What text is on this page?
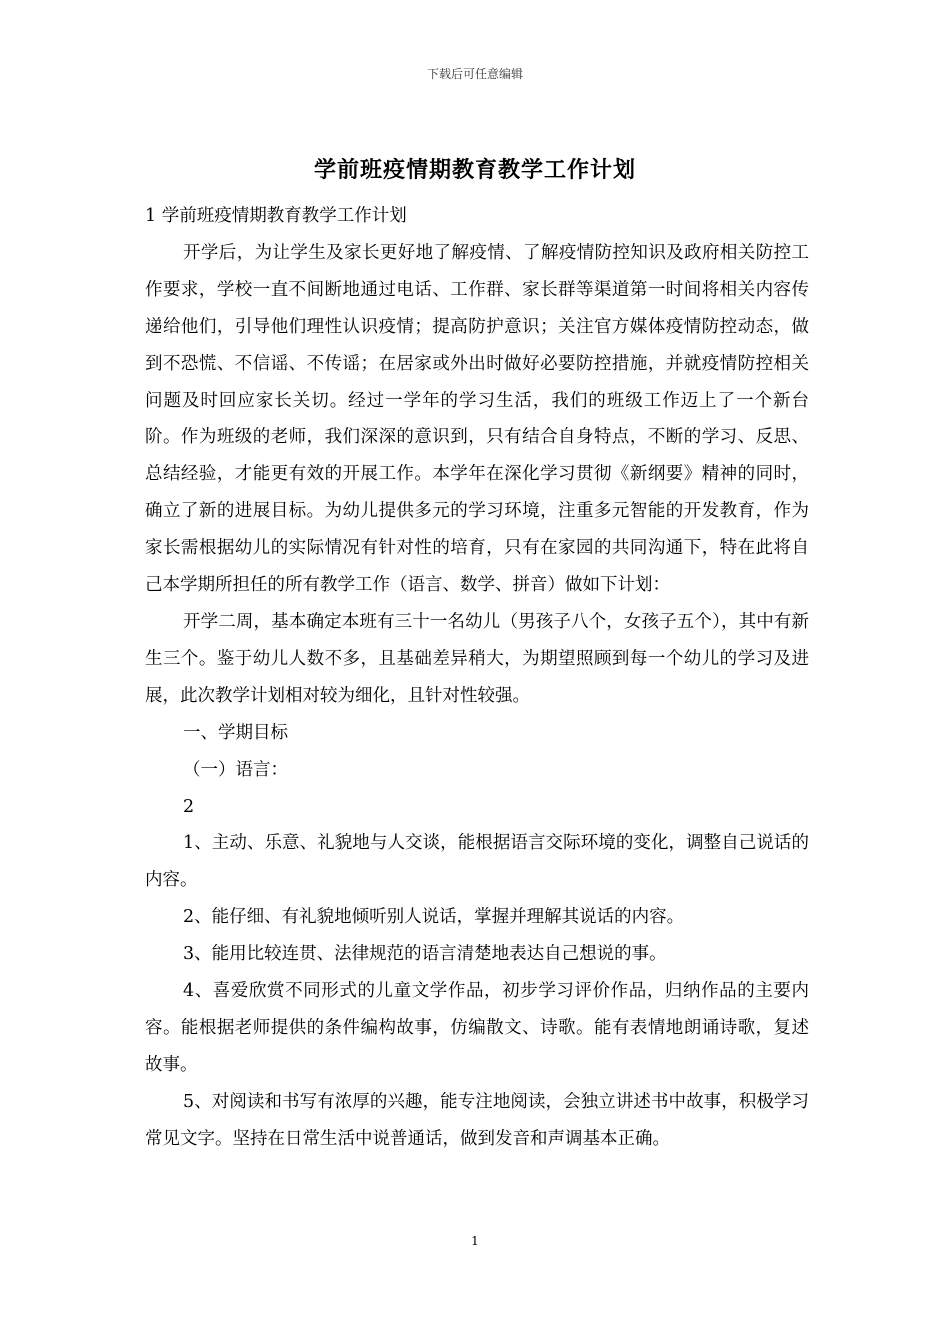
下载后可任意编辑
学前班疫情期教育教学工作计划

1 学前班疫情期教育教学工作计划

开学后，为让学生及家长更好地了解疫情、了解疫情防控知识及政府相关防控工作要求，学校一直不间断地通过电话、工作群、家长群等渠道第一时间将相关内容传递给他们，引导他们理性认识疫情；提高防护意识；关注官方媒体疫情防控动态，做到不恐慌、不信谣、不传谣；在居家或外出时做好必要防控措施，并就疫情防控相关问题及时回应家长关切。经过一学年的学习生活，我们的班级工作迈上了一个新台阶。作为班级的老师，我们深深的意识到，只有结合自身特点，不断的学习、反思、总结经验，才能更有效的开展工作。本学年在深化学习贯彻《新纲要》精神的同时，确立了新的进展目标。为幼儿提供多元的学习环境，注重多元智能的开发教育，作为家长需根据幼儿的实际情况有针对性的培育，只有在家园的共同沟通下，特在此将自己本学期所担任的所有教学工作（语言、数学、拼音）做如下计划：

开学二周，基本确定本班有三十一名幼儿（男孩子八个，女孩子五个），其中有新生三个。鉴于幼儿人数不多，且基础差异稍大，为期望照顾到每一个幼儿的学习及进展，此次教学计划相对较为细化，且针对性较强。

一、学期目标

（一）语言：

2

1、主动、乐意、礼貌地与人交谈，能根据语言交际环境的变化，调整自己说话的内容。

2、能仔细、有礼貌地倾听别人说话，掌握并理解其说话的内容。

3、能用比较连贯、法律规范的语言清楚地表达自己想说的事。

4、喜爱欣赏不同形式的儿童文学作品，初步学习评价作品，归纳作品的主要内容。能根据老师提供的条件编构故事，仿编散文、诗歌。能有表情地朗诵诗歌，复述故事。

5、对阅读和书写有浓厚的兴趣，能专注地阅读，会独立讲述书中故事，积极学习常见文字。坚持在日常生活中说普通话，做到发音和声调基本正确。

1
